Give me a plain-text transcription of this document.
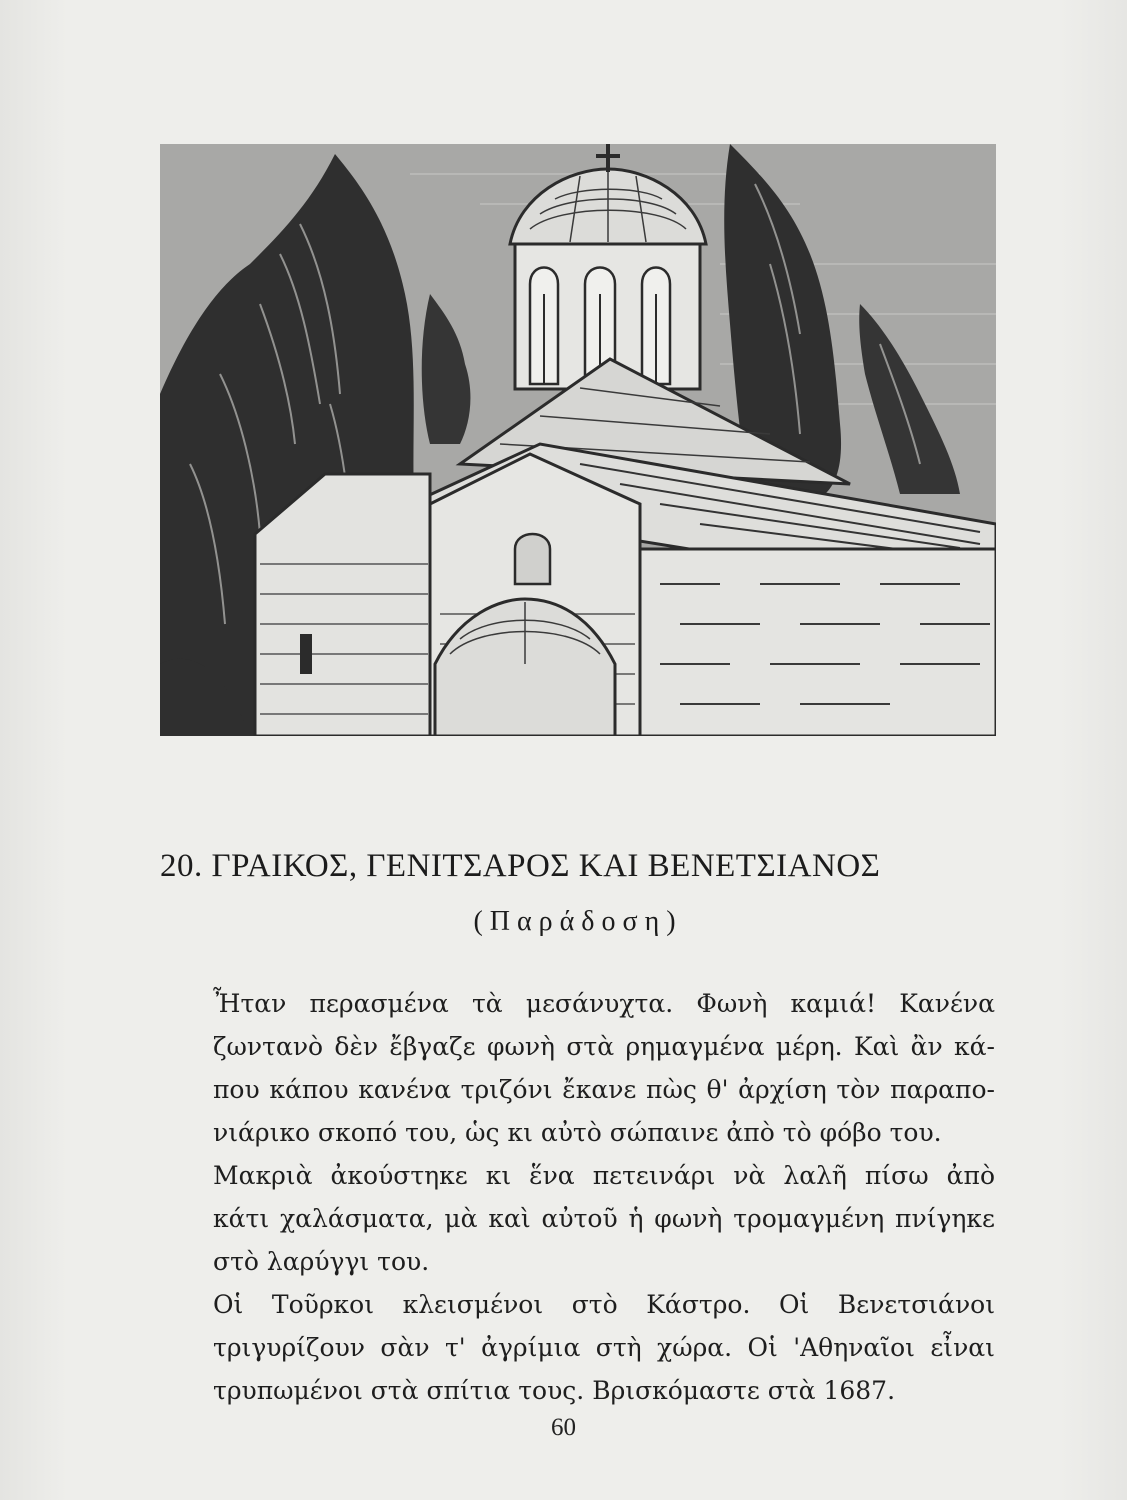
20. ΓΡΑΙΚΟΣ, ΓΕΝΙΤΣΑΡΟΣ ΚΑΙ ΒΕΝΕΤΣΙΑΝΟΣ
(Παράδοση)
Ἦταν περασμένα τὰ μεσάνυχτα. Φωνὴ καμιά! Κανένα
ζωντανὸ δὲν ἔβγαζε φωνὴ στὰ ρημαγμένα μέρη. Καὶ ἂν κά-
που κάπου κανένα τριζόνι ἔκανε πὼς θ' ἀρχίση τὸν παραπο-
νιάρικο σκοπό του, ὡς κι αὐτὸ σώπαινε ἀπὸ τὸ φόβο του.
Μακριὰ ἀκούστηκε κι ἕνα πετεινάρι νὰ λαλῆ πίσω ἀπὸ
κάτι χαλάσματα, μὰ καὶ αὐτοῦ ἡ φωνὴ τρομαγμένη πνίγηκε
στὸ λαρύγγι του.
Οἱ Τοῦρκοι κλεισμένοι στὸ Κάστρο. Οἱ Βενετσιάνοι
τριγυρίζουν σὰν τ' ἀγρίμια στὴ χώρα. Οἱ 'Αθηναῖοι εἶναι
τρυπωμένοι στὰ σπίτια τους. Βρισκόμαστε στὰ 1687.
60
